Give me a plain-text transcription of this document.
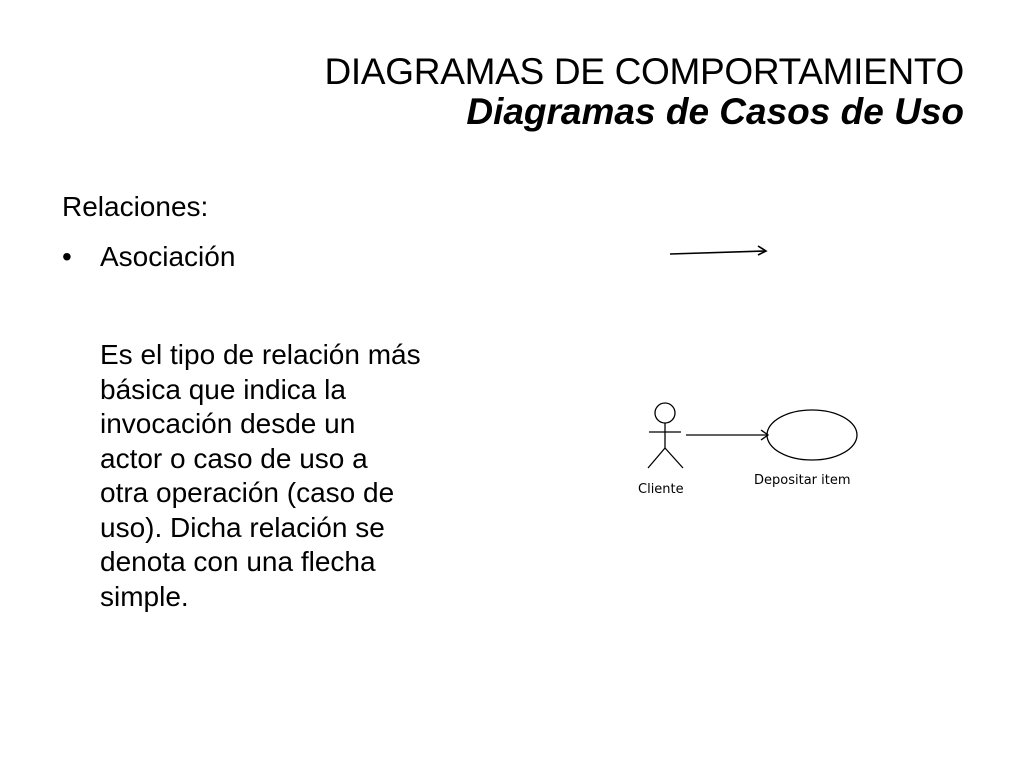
DIAGRAMAS DE COMPORTAMIENTO
Diagramas de Casos de Uso
Relaciones:
•	Asociación
Es el tipo de relación más
básica que indica la
invocación desde un
actor o caso de uso a
otra operación (caso de
uso). Dicha relación se
denota con una flecha
simple.
Cliente
Depositar item
